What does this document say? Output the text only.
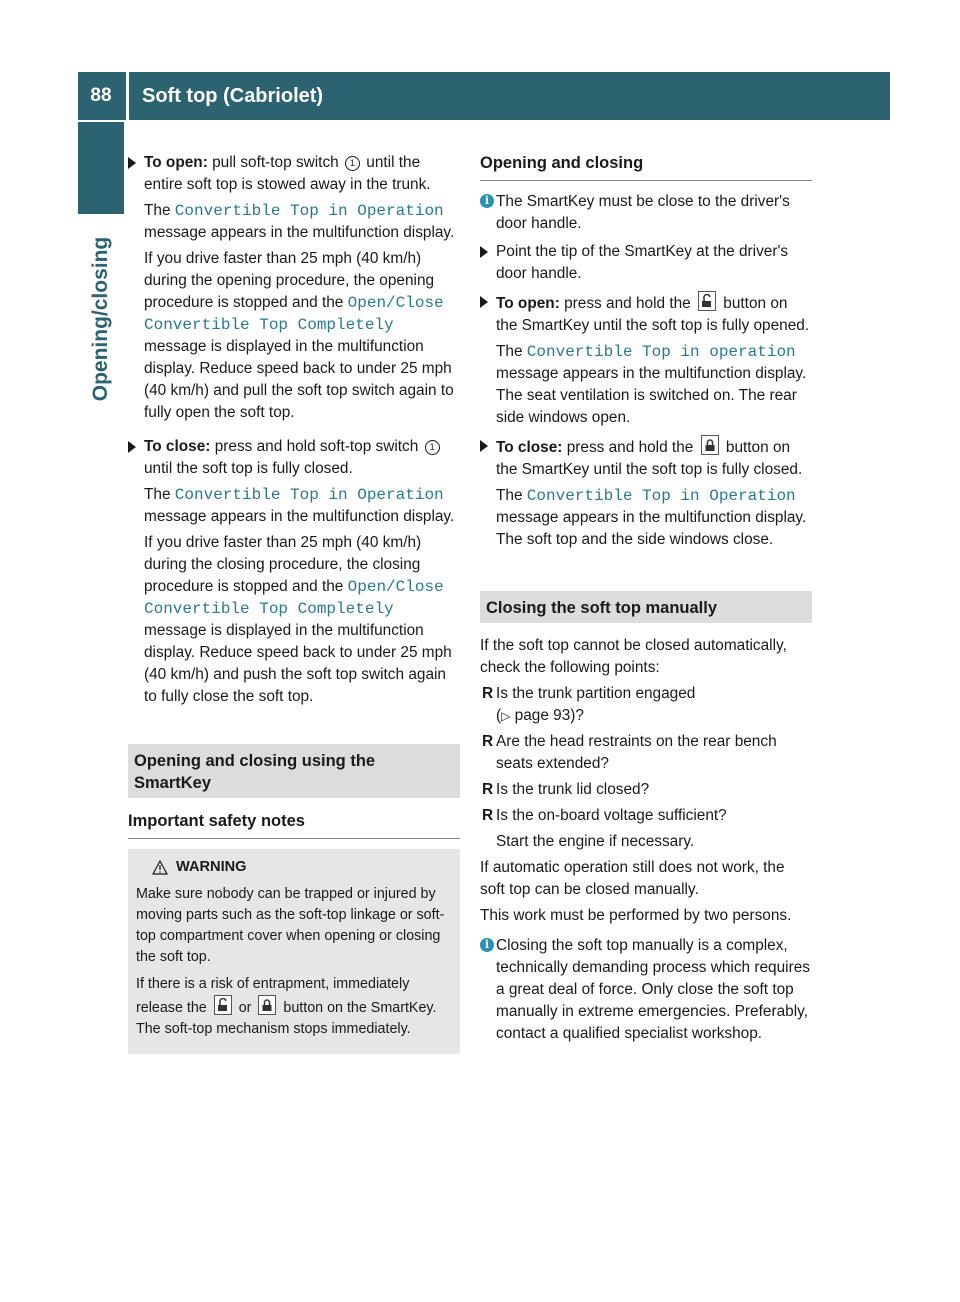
88	Soft top (Cabriolet)
Opening/closing

To open: pull soft-top switch 1 until the entire soft top is stowed away in the trunk.

The Convertible Top in Operation message appears in the multifunction display.

If you drive faster than 25 mph (40 km/h) during the opening procedure, the opening procedure is stopped and the Open/Close Convertible Top Completely message is displayed in the multifunction display. Reduce speed back to under 25 mph (40 km/h) and pull the soft top switch again to fully open the soft top.

To close: press and hold soft-top switch 1 until the soft top is fully closed.

The Convertible Top in Operation message appears in the multifunction display.

If you drive faster than 25 mph (40 km/h) during the closing procedure, the closing procedure is stopped and the Open/Close Convertible Top Completely message is displayed in the multifunction display. Reduce speed back to under 25 mph (40 km/h) and push the soft top switch again to fully close the soft top.

Opening and closing using the SmartKey
Important safety notes
WARNING

Make sure nobody can be trapped or injured by moving parts such as the soft-top linkage or soft-top compartment cover when opening or closing the soft top.

If there is a risk of entrapment, immediately release the
or
button on the SmartKey. The soft-top mechanism stops immediately.

Opening and closing
i The SmartKey must be close to the driver's door handle.

Point the tip of the SmartKey at the driver's door handle.

To open: press and hold the
button on the SmartKey until the soft top is fully opened.

The Convertible Top in operation message appears in the multifunction display. The seat ventilation is switched on. The rear side windows open.

To close: press and hold the
button on the SmartKey until the soft top is fully closed.

The Convertible Top in Operation message appears in the multifunction display. The soft top and the side windows close.

Closing the soft top manually

If the soft top cannot be closed automatically, check the following points:

R Is the trunk partition engaged
(▷ page 93)?

R Are the head restraints on the rear bench seats extended?

R Is the trunk lid closed?

R Is the on-board voltage sufficient?

Start the engine if necessary.

If automatic operation still does not work, the soft top can be closed manually.

This work must be performed by two persons.

i Closing the soft top manually is a complex, technically demanding process which requires a great deal of force. Only close the soft top manually in extreme emergencies. Preferably, contact a qualified specialist workshop.
